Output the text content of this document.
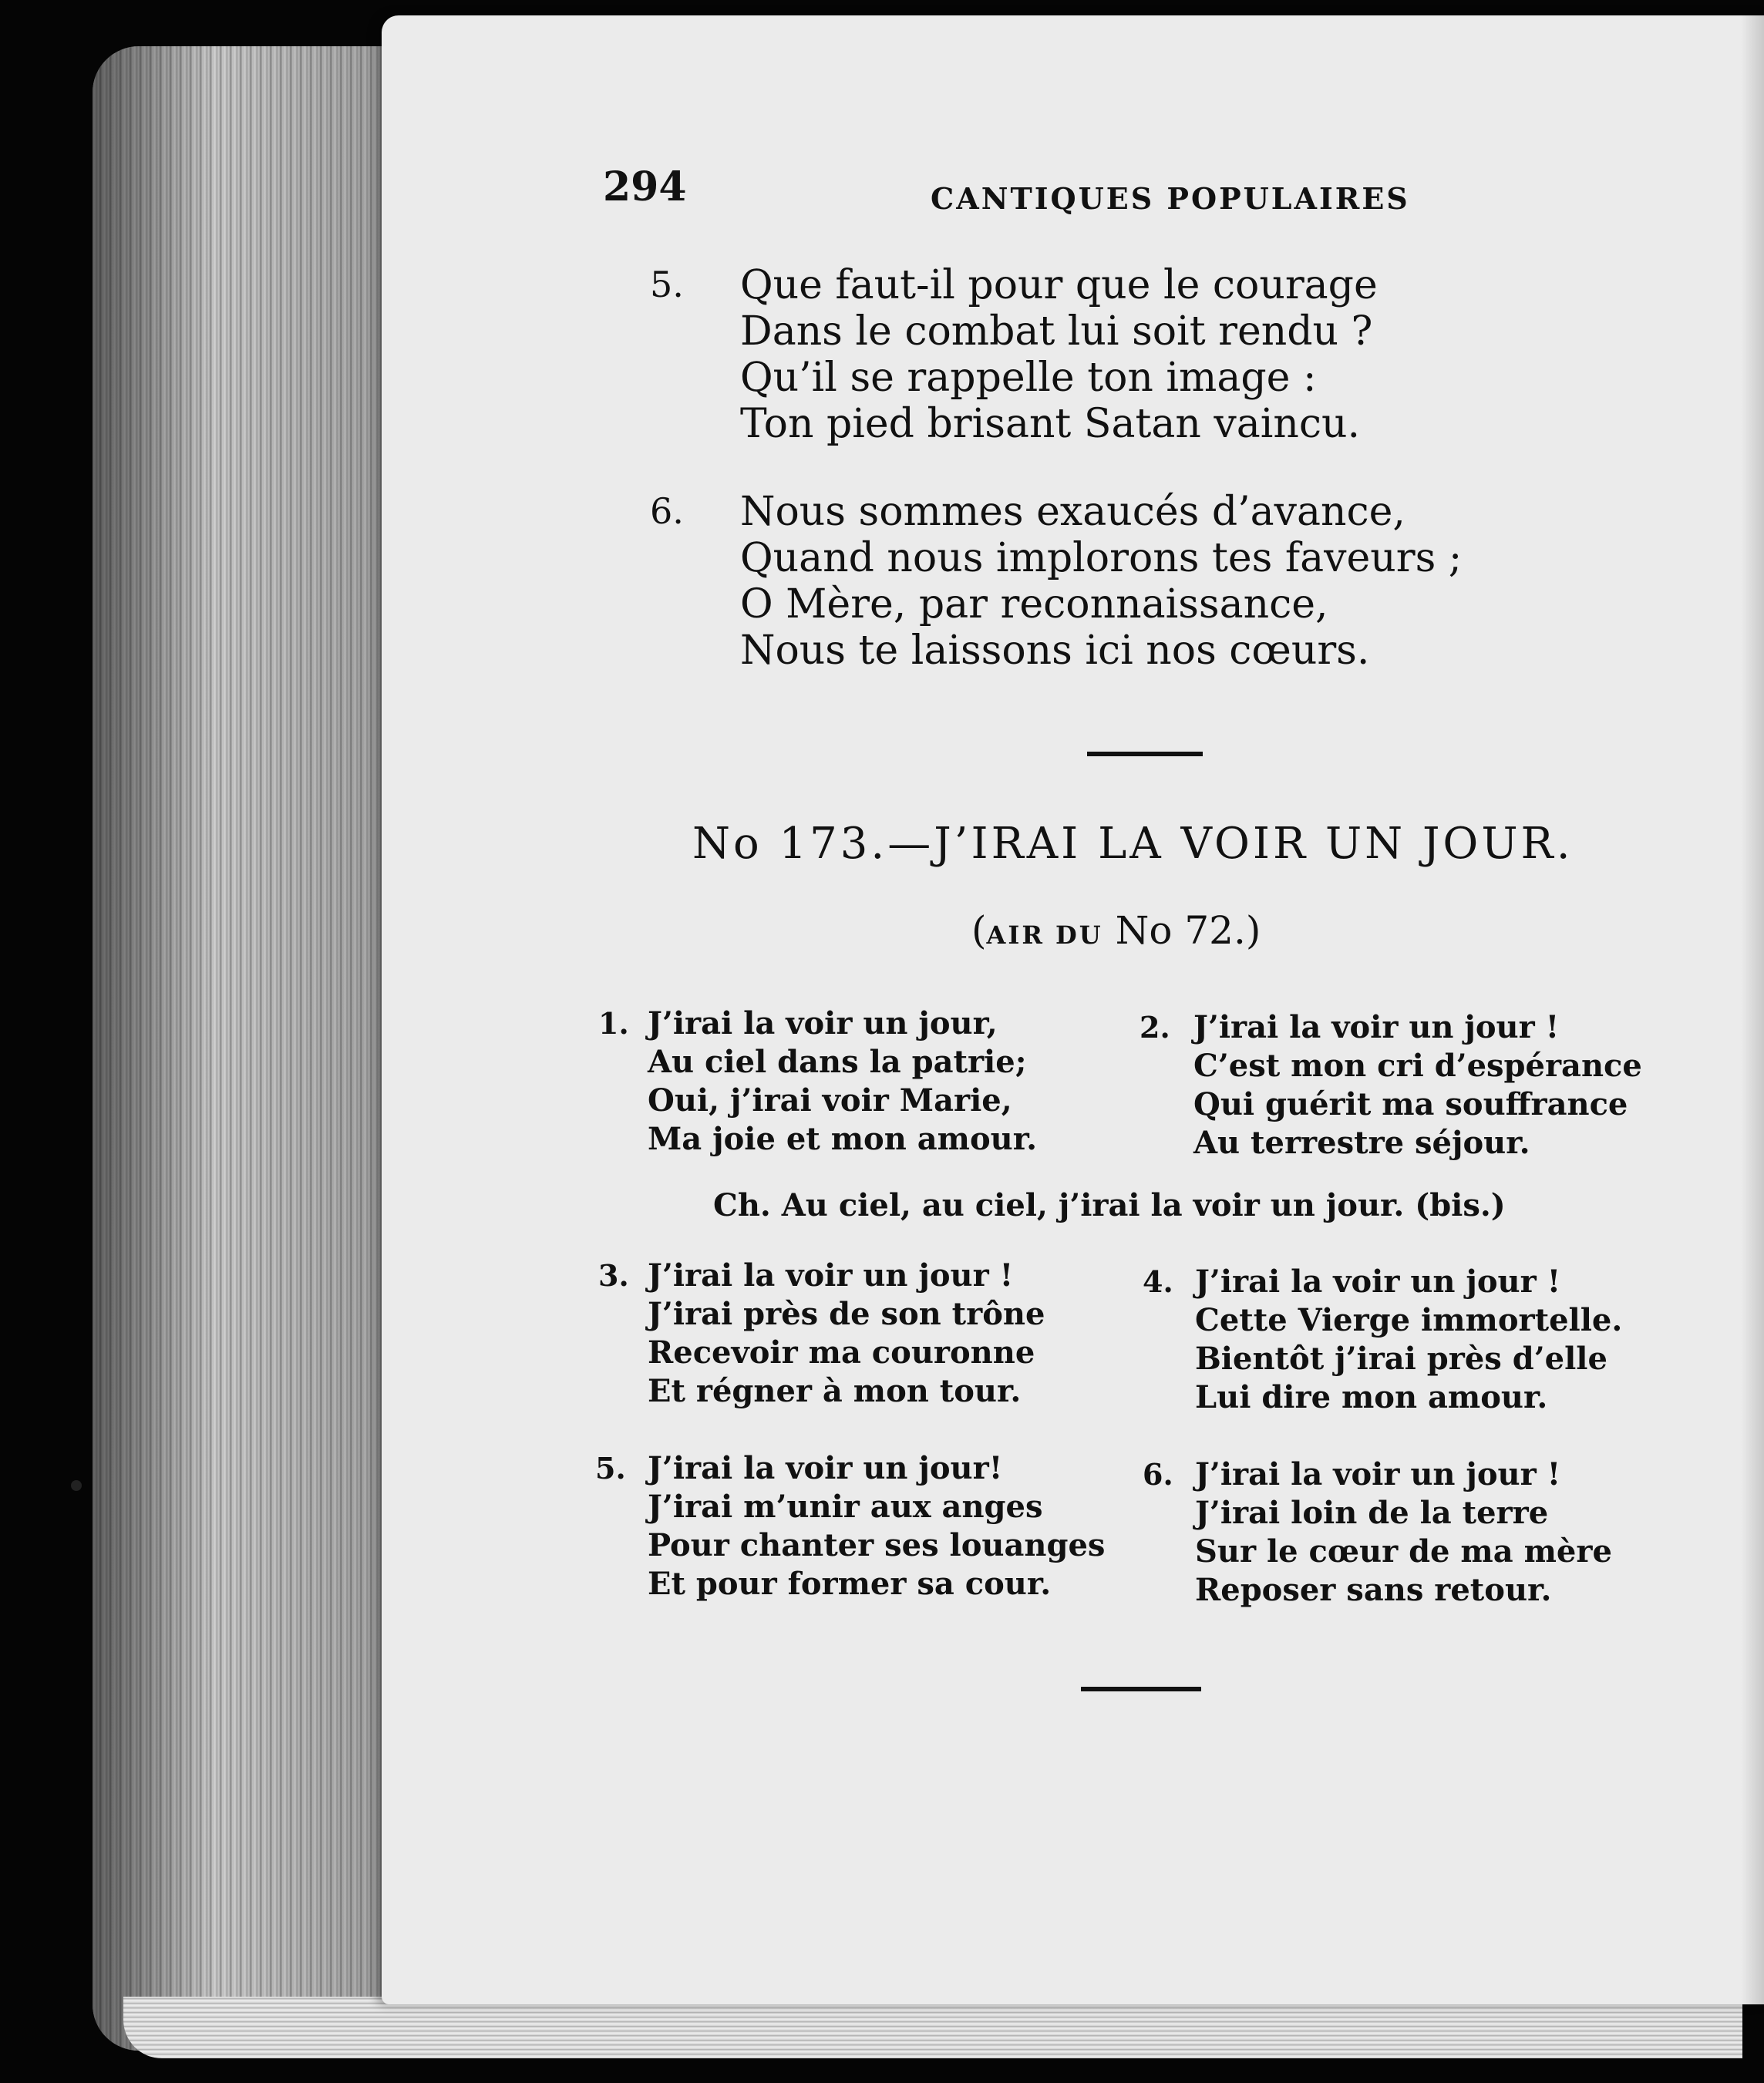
294	CANTIQUES POPULAIRES
5. Que faut-il pour que le courage
Dans le combat lui soit rendu ?
Qu’il se rappelle ton image :
Ton pied brisant Satan vaincu.
6. Nous sommes exaucés d’avance,
Quand nous implorons tes faveurs ;
O Mère, par reconnaissance,
Nous te laissons ici nos cœurs.
No 173.—J’IRAI LA VOIR UN JOUR.
(AIR DU No 72.)
1. J’irai la voir un jour,
Au ciel dans la patrie;
Oui, j’irai voir Marie,
Ma joie et mon amour.
2. J’irai la voir un jour !
C’est mon cri d’espérance
Qui guérit ma souffrance
Au terrestre séjour.
Ch. Au ciel, au ciel, j’irai la voir un jour. (bis.)
3. J’irai la voir un jour !
J’irai près de son trône
Recevoir ma couronne
Et régner à mon tour.
4. J’irai la voir un jour !
Cette Vierge immortelle.
Bientôt j’irai près d’elle
Lui dire mon amour.
5. J’irai la voir un jour!
J’irai m’unir aux anges
Pour chanter ses louanges
Et pour former sa cour.
6. J’irai la voir un jour !
J’irai loin de la terre
Sur le cœur de ma mère
Reposer sans retour.
